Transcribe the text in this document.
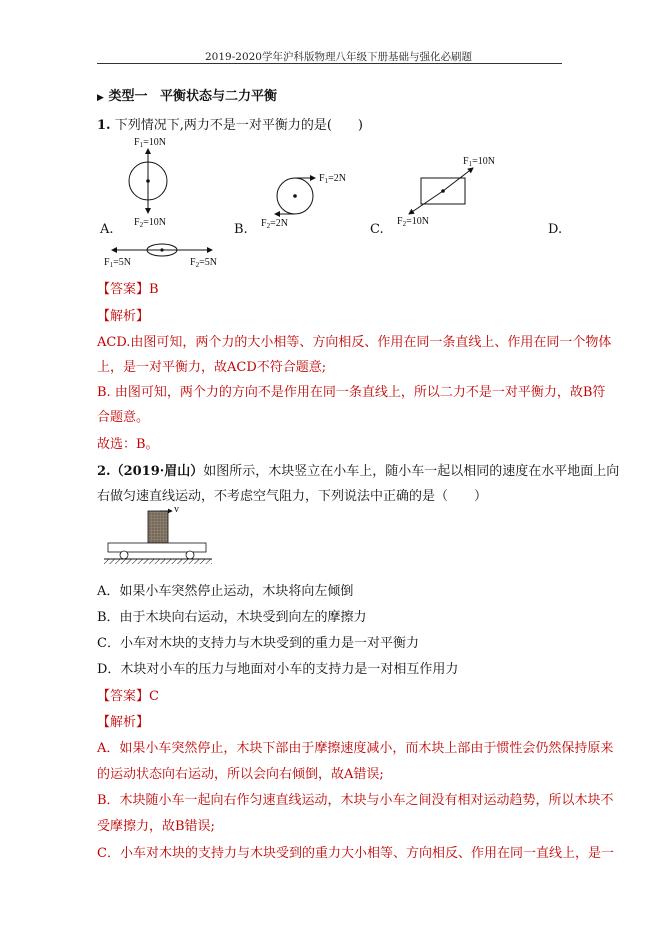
2019-2020学年沪科版物理八年级下册基础与强化必刷题
▶ 类型一 平衡状态与二力平衡
1. 下列情况下,两力不是一对平衡力的是(　　)
$F_1=10N$
$F_2=10N$
$F_1=2N$
$F_2=2N$
$F_1=10N$
$F_2=10N$
A.	B.	C.	D.
$F_1=5N$	$F_2=5N$
【答案】B
【解析】
ACD.由图可知，两个力的大小相等、方向相反、作用在同一条直线上、作用在同一个物体
上，是一对平衡力，故ACD不符合题意;
B. 由图可知，两个力的方向不是作用在同一条直线上，所以二力不是一对平衡力，故B符
合题意。
故选：B。
2.（2019·眉山）如图所示，木块竖立在小车上，随小车一起以相同的速度在水平地面上向
右做匀速直线运动，不考虑空气阻力，下列说法中正确的是（　　）
v
A．如果小车突然停止运动，木块将向左倾倒
B．由于木块向右运动，木块受到向左的摩擦力
C．小车对木块的支持力与木块受到的重力是一对平衡力
D．木块对小车的压力与地面对小车的支持力是一对相互作用力
【答案】C
【解析】
A．如果小车突然停止，木块下部由于摩擦速度减小，而木块上部由于惯性会仍然保持原来
的运动状态向右运动，所以会向右倾倒，故A错误;
B．木块随小车一起向右作匀速直线运动，木块与小车之间没有相对运动趋势，所以木块不
受摩擦力，故B错误;
C．小车对木块的支持力与木块受到的重力大小相等、方向相反、作用在同一直线上，是一
